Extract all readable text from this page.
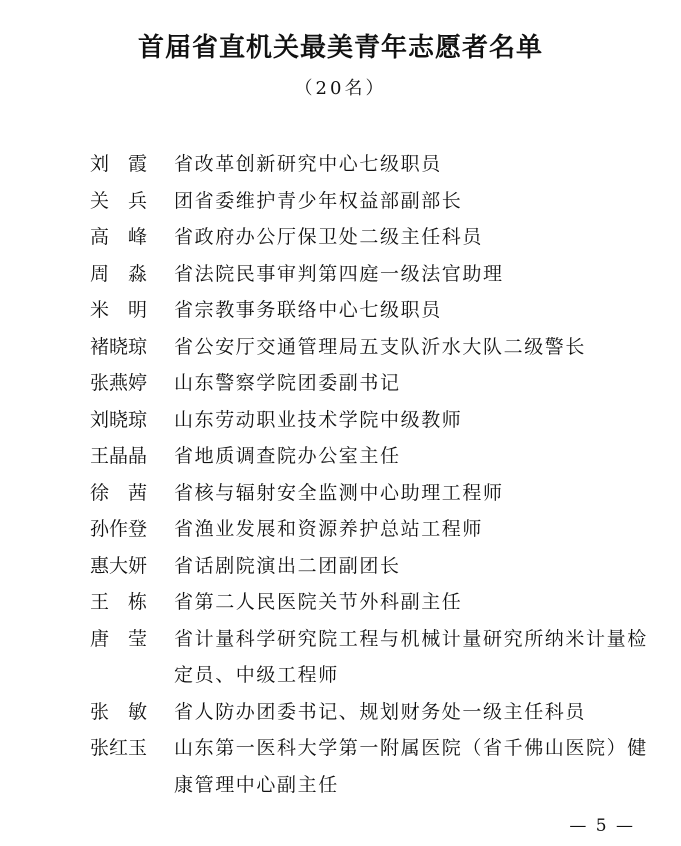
首届省直机关最美青年志愿者名单
（20名）
刘　霞	省改革创新研究中心七级职员
关　兵	团省委维护青少年权益部副部长
高　峰	省政府办公厅保卫处二级主任科员
周　淼	省法院民事审判第四庭一级法官助理
米　明	省宗教事务联络中心七级职员
褚晓琼	省公安厅交通管理局五支队沂水大队二级警长
张燕婷	山东警察学院团委副书记
刘晓琼	山东劳动职业技术学院中级教师
王晶晶	省地质调查院办公室主任
徐　茜	省核与辐射安全监测中心助理工程师
孙作登	省渔业发展和资源养护总站工程师
惠大妍	省话剧院演出二团副团长
王　栋	省第二人民医院关节外科副主任
唐　莹	省计量科学研究院工程与机械计量研究所纳米计量检定员、中级工程师
张　敏	省人防办团委书记、规划财务处一级主任科员
张红玉	山东第一医科大学第一附属医院（省千佛山医院）健康管理中心副主任
— 5 —
